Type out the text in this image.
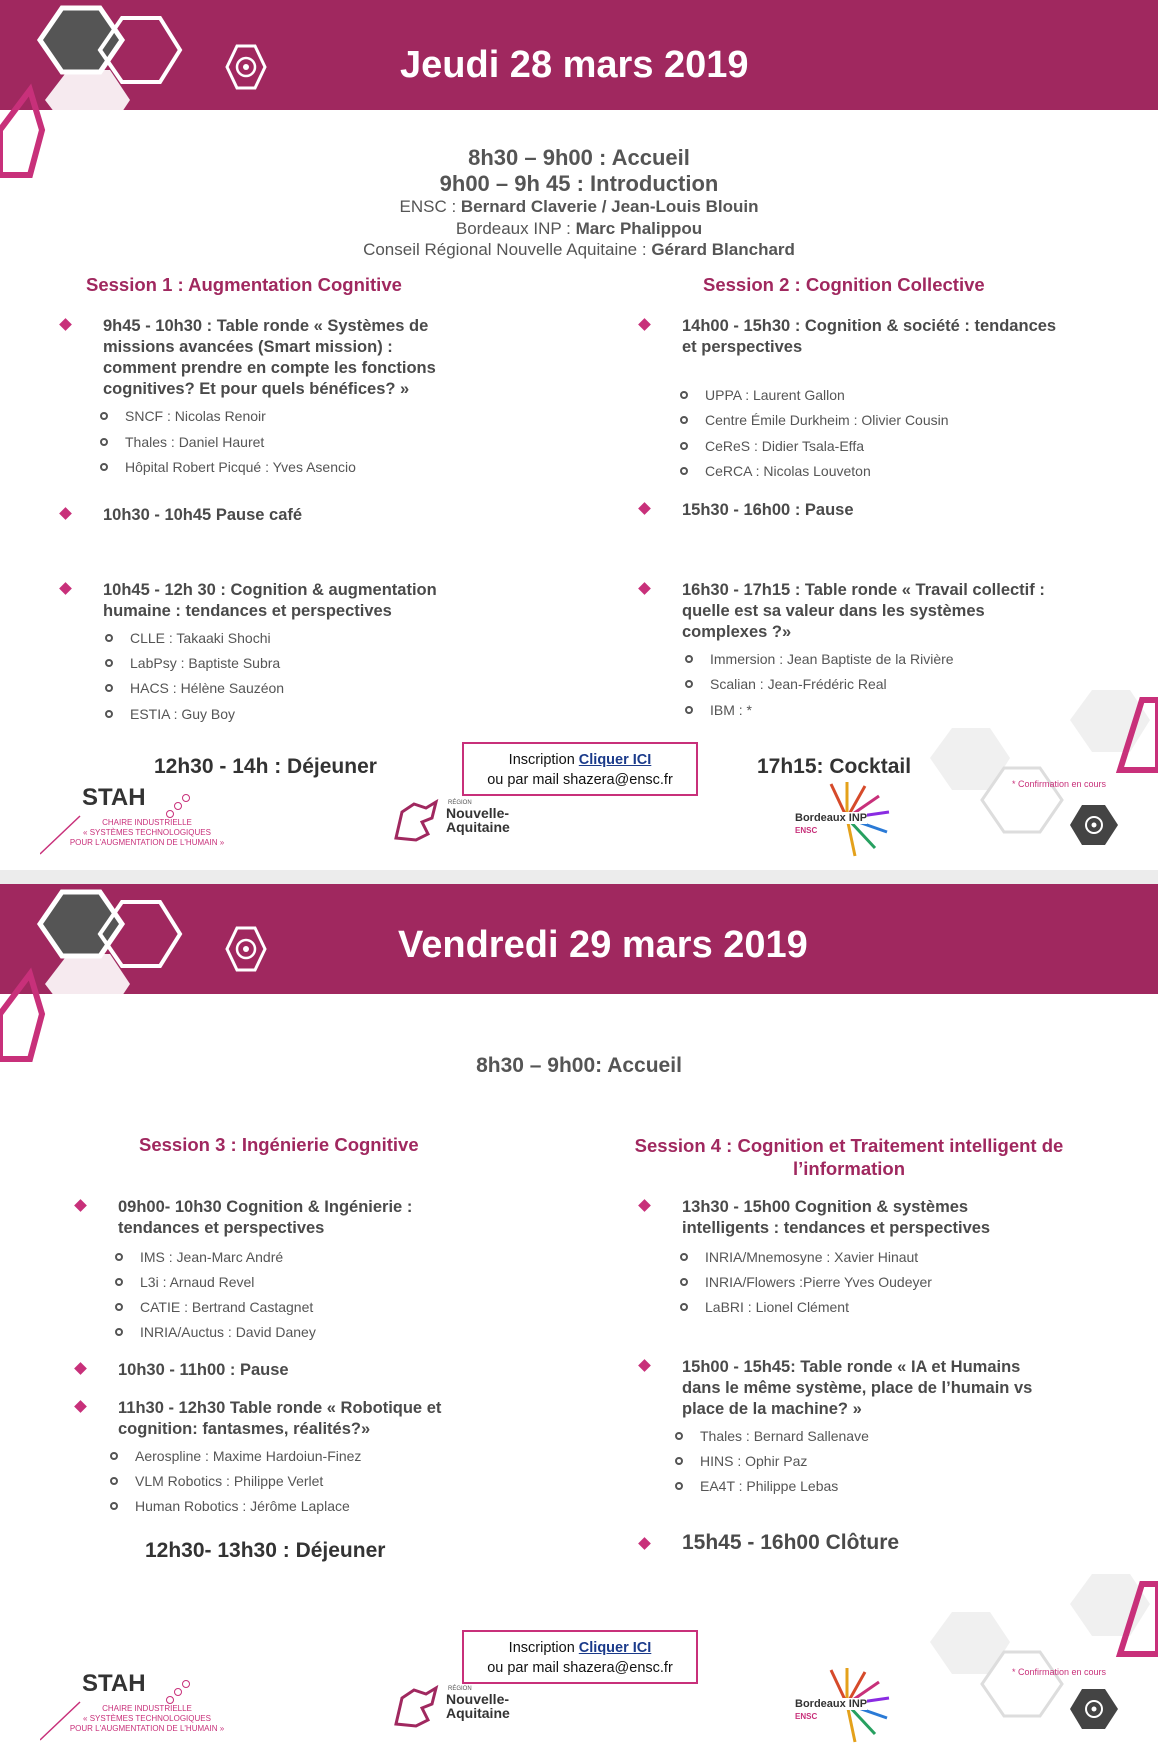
Jeudi 28 mars 2019
8h30 – 9h00 : Accueil
9h00 – 9h 45 : Introduction
ENSC : Bernard Claverie / Jean-Louis Blouin
Bordeaux INP : Marc Phalippou
Conseil Régional Nouvelle Aquitaine : Gérard Blanchard
Session 1 : Augmentation Cognitive
9h45 - 10h30 : Table ronde « Systèmes de
missions avancées (Smart mission) :
comment prendre en compte les fonctions
cognitives? Et pour quels bénéfices? »
SNCF : Nicolas Renoir
Thales : Daniel Hauret
Hôpital Robert Picqué : Yves Asencio
10h30 - 10h45 Pause café
10h45 - 12h 30 : Cognition & augmentation
humaine : tendances et perspectives
CLLE : Takaaki Shochi
LabPsy : Baptiste Subra
HACS : Hélène Sauzéon
ESTIA : Guy Boy
12h30 - 14h : Déjeuner
Session 2 : Cognition Collective
14h00 - 15h30 : Cognition & société : tendances
et perspectives
UPPA : Laurent Gallon
Centre Émile Durkheim : Olivier Cousin
CeReS : Didier Tsala-Effa
CeRCA : Nicolas Louveton
15h30 - 16h00 : Pause
16h30 - 17h15 : Table ronde « Travail collectif :
quelle est sa valeur dans les systèmes
complexes ?»
Immersion : Jean Baptiste de la Rivière
Scalian : Jean-Frédéric Real
IBM : *
17h15: Cocktail
Inscription Cliquer ICI
ou par mail shazera@ensc.fr
STAH
CHAIRE INDUSTRIELLE
« SYSTÈMES TECHNOLOGIQUES
POUR L'AUGMENTATION DE L'HUMAIN »
RÉGION
Nouvelle-
Aquitaine
Bordeaux INP
ENSC
* Confirmation en cours
Vendredi 29 mars 2019
8h30 – 9h00: Accueil
Session 3 : Ingénierie Cognitive
09h00- 10h30 Cognition & Ingénierie :
tendances et perspectives
IMS : Jean-Marc André
L3i : Arnaud Revel
CATIE : Bertrand Castagnet
INRIA/Auctus : David Daney
10h30 - 11h00 : Pause
11h30 - 12h30 Table ronde « Robotique et
cognition: fantasmes, réalités?»
Aerospline : Maxime Hardoiun-Finez
VLM Robotics : Philippe Verlet
Human Robotics : Jérôme Laplace
12h30- 13h30 : Déjeuner
Session 4 : Cognition et Traitement intelligent de
l’information
13h30 - 15h00 Cognition & systèmes
intelligents : tendances et perspectives
INRIA/Mnemosyne : Xavier Hinaut
INRIA/Flowers :Pierre Yves Oudeyer
LaBRI : Lionel Clément
15h00 - 15h45: Table ronde « IA et Humains
dans le même système, place de l’humain vs
place de la machine? »
Thales : Bernard Sallenave
HINS : Ophir Paz
EA4T : Philippe Lebas
15h45 - 16h00 Clôture
Inscription Cliquer ICI
ou par mail shazera@ensc.fr
STAH
CHAIRE INDUSTRIELLE
« SYSTÈMES TECHNOLOGIQUES
POUR L'AUGMENTATION DE L'HUMAIN »
RÉGION
Nouvelle-
Aquitaine
Bordeaux INP
ENSC
* Confirmation en cours
